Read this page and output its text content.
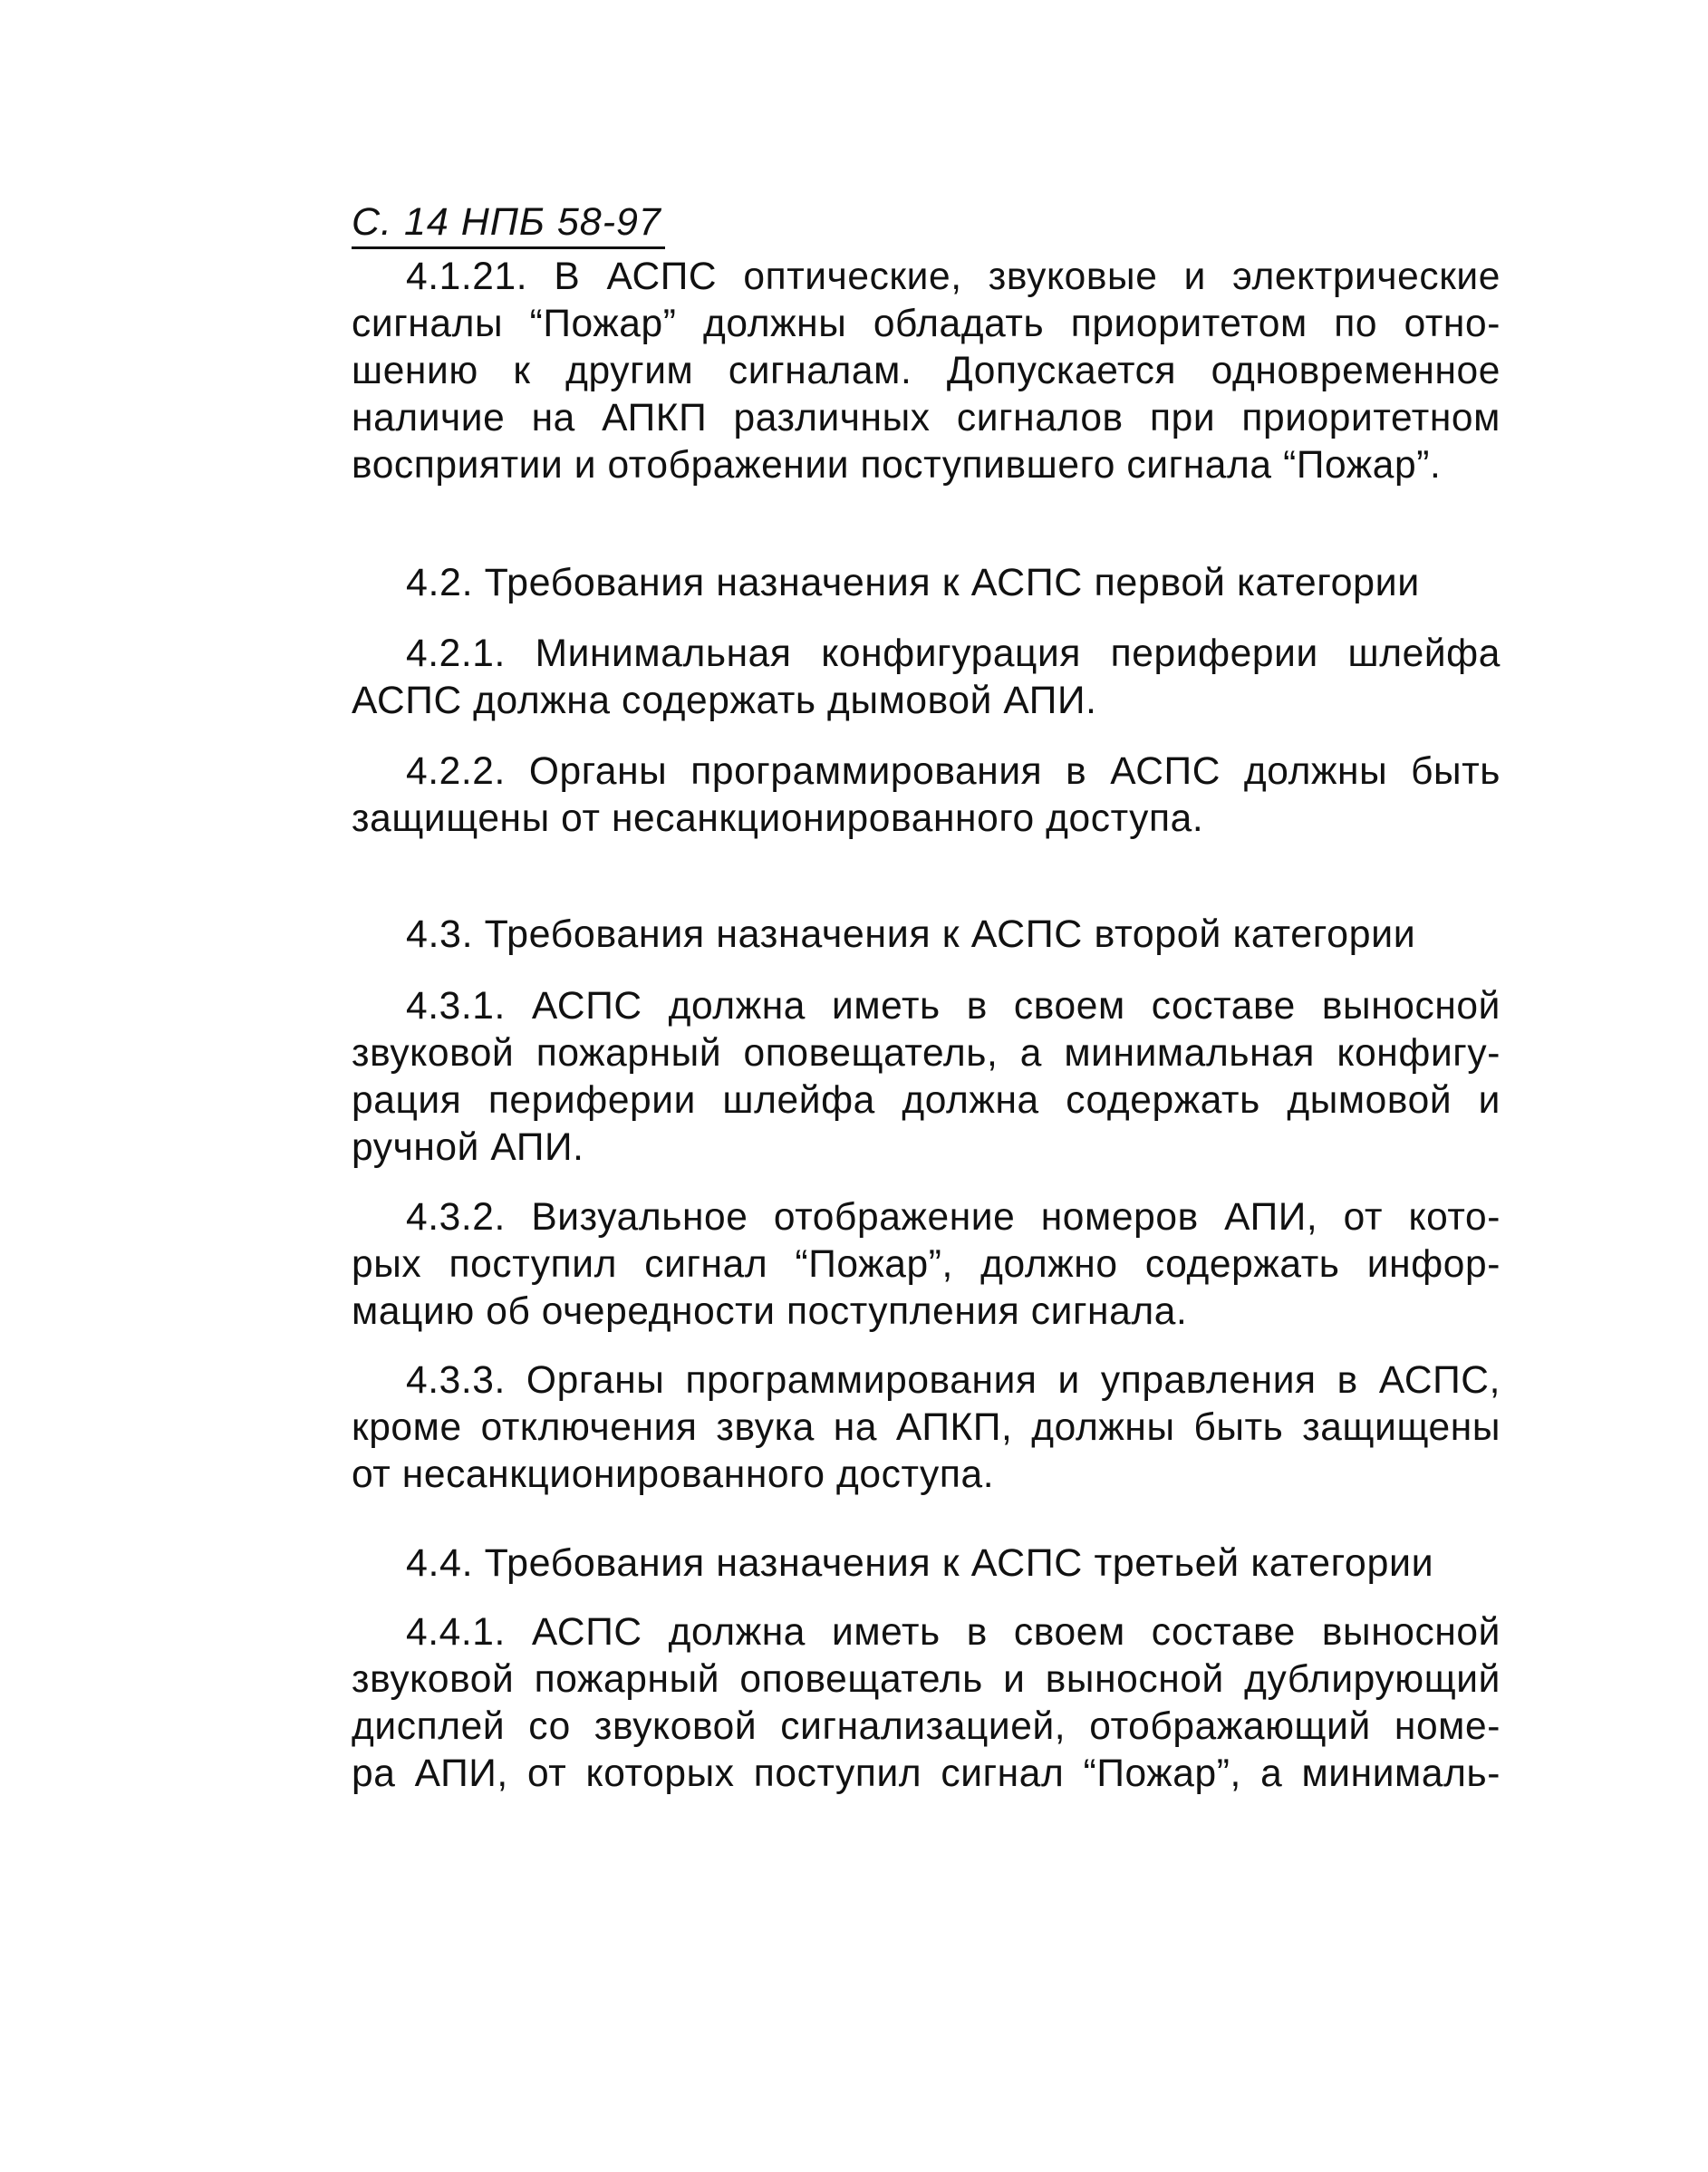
С. 14 НПБ 58-97
4.1.21. В АСПС оптические, звуковые и электрические
сигналы “Пожар” должны обладать приоритетом по отно-
шению к другим сигналам. Допускается одновременное
наличие на АПКП различных сигналов при приоритетном
восприятии и отображении поступившего сигнала “Пожар”.
4.2. Требования назначения к АСПС первой категории
4.2.1. Минимальная конфигурация периферии шлейфа
АСПС должна содержать дымовой АПИ.
4.2.2. Органы программирования в АСПС должны быть
защищены от несанкционированного доступа.
4.3. Требования назначения к АСПС второй категории
4.3.1. АСПС должна иметь в своем составе выносной
звуковой пожарный оповещатель, а минимальная конфигу-
рация периферии шлейфа должна содержать дымовой и
ручной АПИ.
4.3.2. Визуальное отображение номеров АПИ, от кото-
рых поступил сигнал “Пожар”, должно содержать инфор-
мацию об очередности поступления сигнала.
4.3.3. Органы программирования и управления в АСПС,
кроме отключения звука на АПКП, должны быть защищены
от несанкционированного доступа.
4.4. Требования назначения к АСПС третьей категории
4.4.1. АСПС должна иметь в своем составе выносной
звуковой пожарный оповещатель и выносной дублирующий
дисплей со звуковой сигнализацией, отображающий номе-
ра АПИ, от которых поступил сигнал “Пожар”, а минималь-
